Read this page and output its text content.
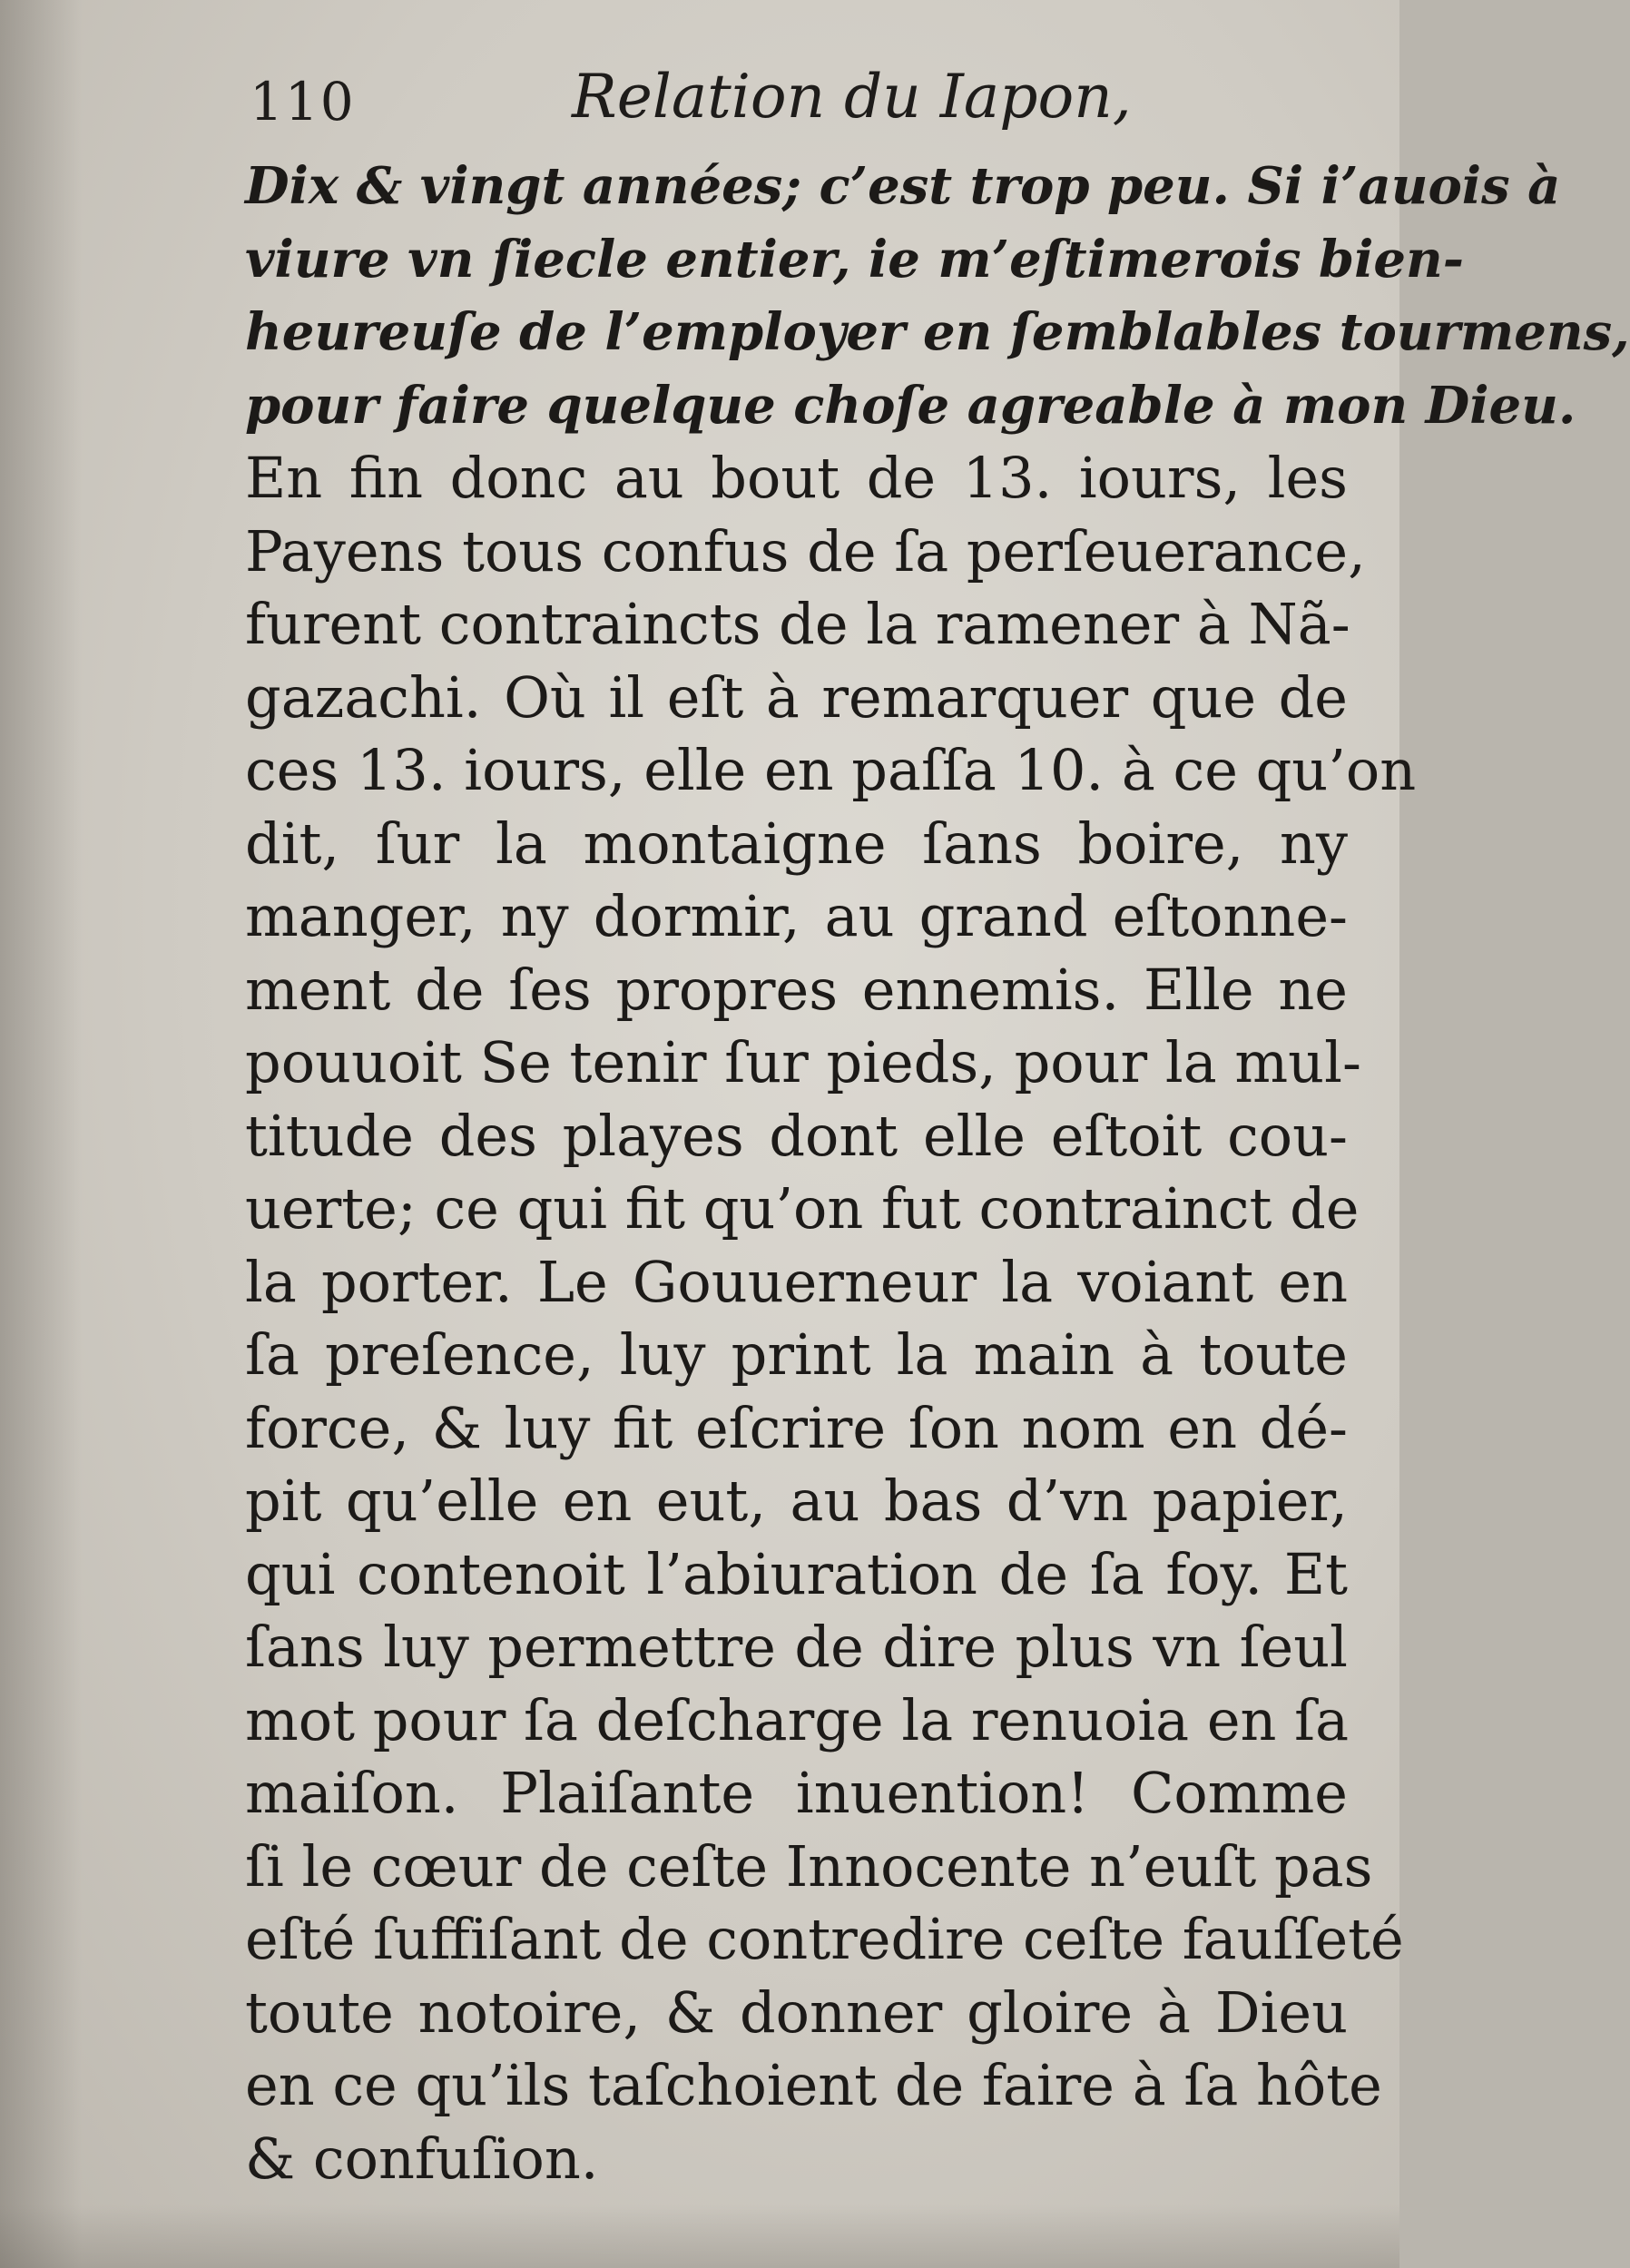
110	Relation du Iapon,
Dix & vingt années; c’est trop peu. Si i’auois à
viure vn ſiecle entier, ie m’eſtimerois bien-
heureuſe de l’employer en ſemblables tourmens,
pour faire quelque choſe agreable à mon Dieu.
En fin donc au bout de 13. iours, les
Payens tous confus de ſa perſeuerance,
furent contraincts de la ramener à Nã-
gazachi. Où il eſt à remarquer que de
ces 13. iours, elle en paſſa 10. à ce qu’on
dit, ſur la montaigne ſans boire, ny
manger, ny dormir, au grand eſtonne-
ment de ſes propres ennemis. Elle ne
pouuoit Se tenir ſur pieds, pour la mul-
titude des playes dont elle eſtoit cou-
uerte; ce qui fit qu’on fut contrainct de
la porter. Le Gouuerneur la voiant en
ſa preſence, luy print la main à toute
force, & luy fit eſcrire ſon nom en dé-
pit qu’elle en eut, au bas d’vn papier,
qui contenoit l’abiuration de ſa foy. Et
ſans luy permettre de dire plus vn ſeul
mot pour ſa deſcharge la renuoia en ſa
maiſon. Plaiſante inuention! Comme
ſi le cœur de ceſte Innocente n’euſt pas
eſté ſuffiſant de contredire ceſte fauſſeté
toute notoire, & donner gloire à Dieu
en ce qu’ils taſchoient de faire à ſa hôte
& confuſion.
